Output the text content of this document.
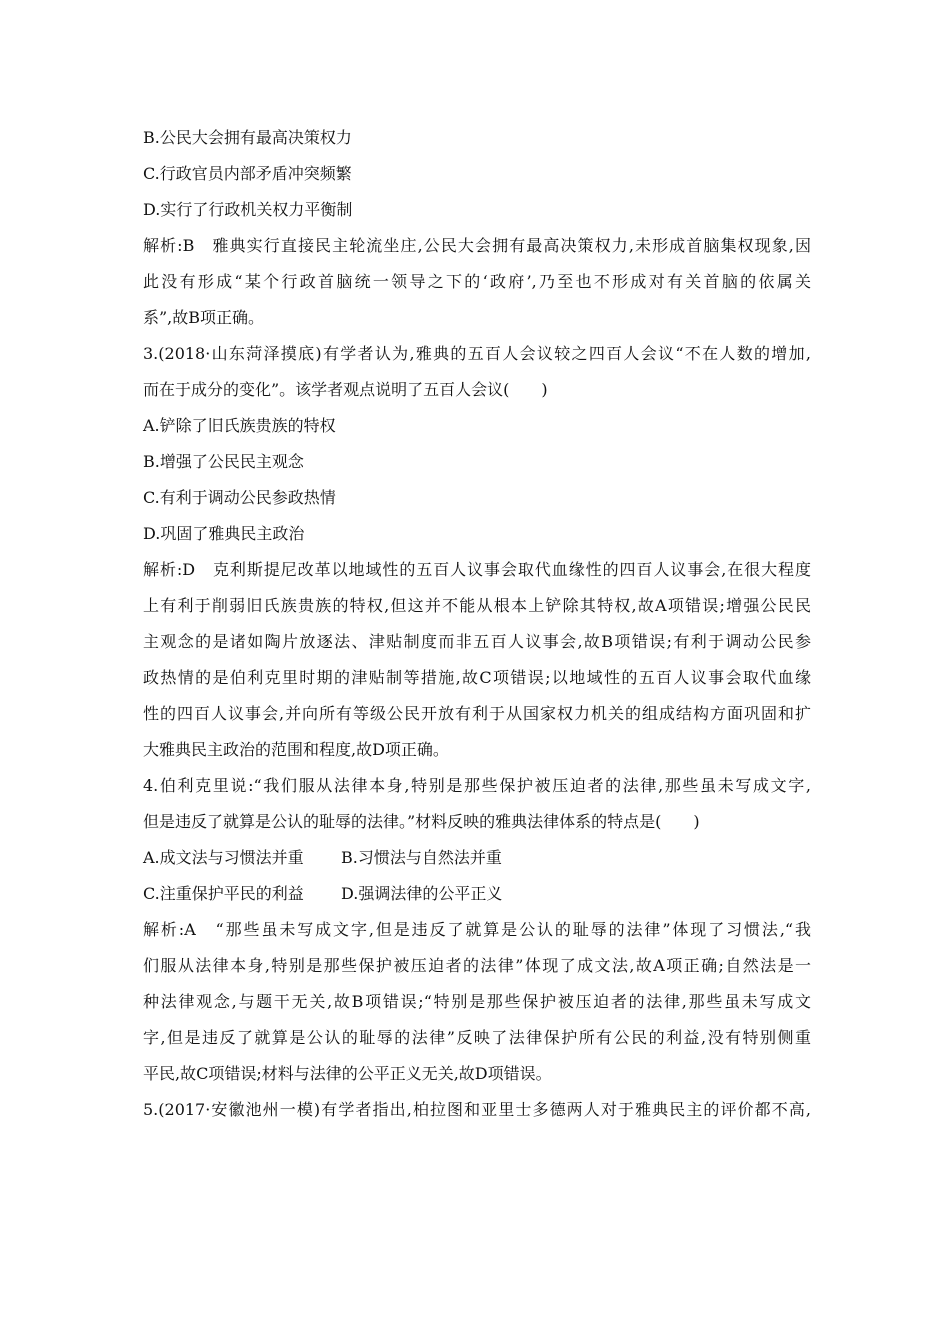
B.公民大会拥有最高决策权力
C.行政官员内部矛盾冲突频繁
D.实行了行政机关权力平衡制
解析:B　雅典实行直接民主轮流坐庄,公民大会拥有最高决策权力,未形成首脑集权现象,因
此没有形成“某个行政首脑统一领导之下的‘政府’,乃至也不形成对有关首脑的依属关
系”,故B项正确。
3.(2018·山东菏泽摸底)有学者认为,雅典的五百人会议较之四百人会议“不在人数的增加,
而在于成分的变化”。该学者观点说明了五百人会议(　　)
A.铲除了旧氏族贵族的特权
B.增强了公民民主观念
C.有利于调动公民参政热情
D.巩固了雅典民主政治
解析:D　克利斯提尼改革以地域性的五百人议事会取代血缘性的四百人议事会,在很大程度
上有利于削弱旧氏族贵族的特权,但这并不能从根本上铲除其特权,故A项错误;增强公民民
主观念的是诸如陶片放逐法、津贴制度而非五百人议事会,故B项错误;有利于调动公民参
政热情的是伯利克里时期的津贴制等措施,故C项错误;以地域性的五百人议事会取代血缘
性的四百人议事会,并向所有等级公民开放有利于从国家权力机关的组成结构方面巩固和扩
大雅典民主政治的范围和程度,故D项正确。
4.伯利克里说:“我们服从法律本身,特别是那些保护被压迫者的法律,那些虽未写成文字,
但是违反了就算是公认的耻辱的法律。”材料反映的雅典法律体系的特点是(　　)
A.成文法与习惯法并重	B.习惯法与自然法并重
C.注重保护平民的利益	D.强调法律的公平正义
解析:A　“那些虽未写成文字,但是违反了就算是公认的耻辱的法律”体现了习惯法,“我
们服从法律本身,特别是那些保护被压迫者的法律”体现了成文法,故A项正确;自然法是一
种法律观念,与题干无关,故B项错误;“特别是那些保护被压迫者的法律,那些虽未写成文
字,但是违反了就算是公认的耻辱的法律”反映了法律保护所有公民的利益,没有特别侧重
平民,故C项错误;材料与法律的公平正义无关,故D项错误。
5.(2017·安徽池州一模)有学者指出,柏拉图和亚里士多德两人对于雅典民主的评价都不高,
